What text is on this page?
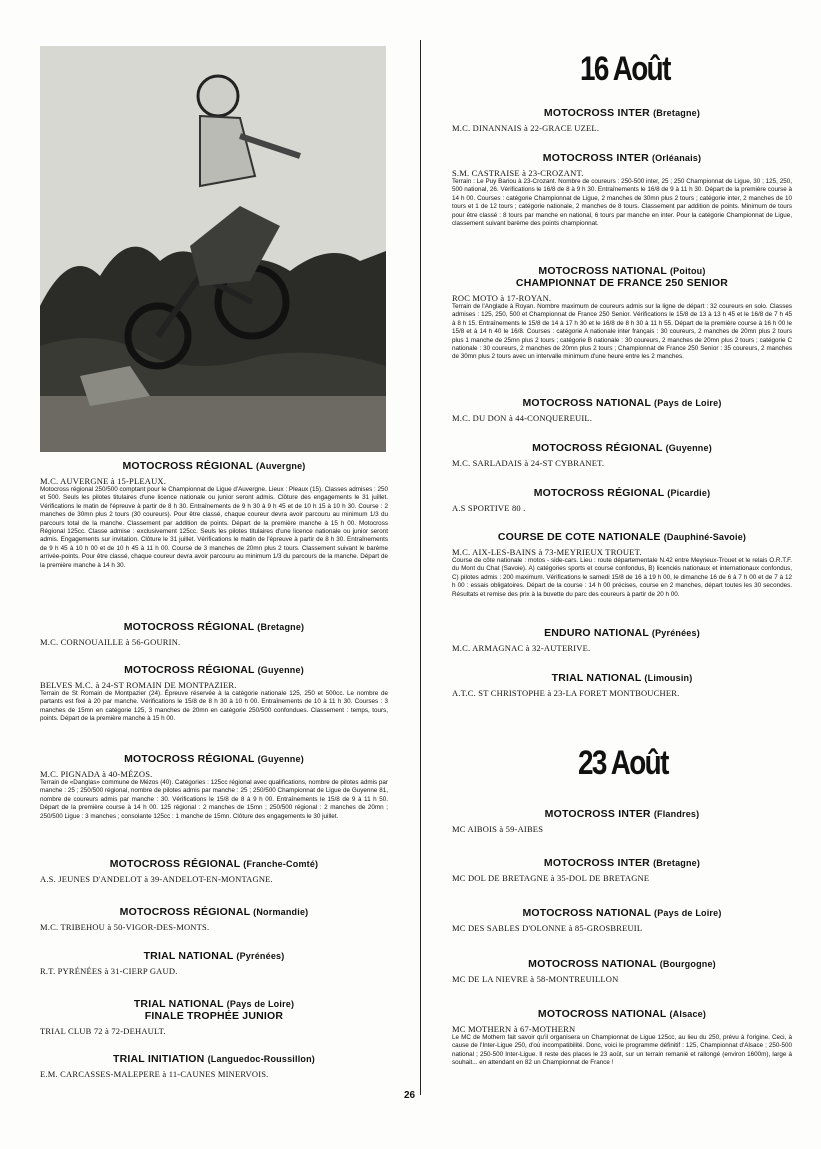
MOTOCROSS RÉGIONAL (Auvergne)
M.C. AUVERGNE à 15-PLEAUX.
Motocross régional 250/500 comptant pour le Championnat de Ligue d'Auvergne. Lieux : Pleaux (15). Classes admises : 250 et 500. Seuls les pilotes titulaires d'une licence nationale ou junior seront admis. Clôture des engagements le 31 juillet. Vérifications le matin de l'épreuve à partir de 8 h 30. Entraînements de 9 h 30 à 9 h 45 et de 10 h 15 à 10 h 30. Course : 2 manches de 30mn plus 2 tours (30 coureurs). Pour être classé, chaque coureur devra avoir parcouru au minimum 1/3 du parcours total de la manche. Classement par addition de points. Départ de la première manche à 15 h 00. Motocross Régional 125cc. Classe admise : exclusivement 125cc. Seuls les pilotes titulaires d'une licence nationale ou junior seront admis. Engagements sur invitation. Clôture le 31 juillet. Vérifications le matin de l'épreuve à partir de 8 h 30. Entraînements de 9 h 45 à 10 h 00 et de 10 h 45 à 11 h 00. Course de 3 manches de 20mn plus 2 tours. Classement suivant le barème arrivée-points. Pour être classé, chaque coureur devra avoir parcouru au minimum 1/3 du parcours de la manche. Départ de la première manche à 14 h 30.
MOTOCROSS RÉGIONAL (Bretagne)
M.C. CORNOUAILLE à 56-GOURIN.
MOTOCROSS RÉGIONAL (Guyenne)
BELVES M.C. à 24-ST ROMAIN DE MONTPAZIER.
Terrain de St Romain de Montpazier (24). Épreuve réservée à la catégorie nationale 125, 250 et 500cc. Le nombre de partants est fixé à 20 par manche. Vérifications le 15/8 de 8 h 30 à 10 h 00. Entraînements de 10 à 11 h 30. Courses : 3 manches de 15mn en catégorie 125, 3 manches de 20mn en catégorie 250/500 confondues. Classement : temps, tours, points. Départ de la première manche à 15 h 00.
MOTOCROSS RÉGIONAL (Guyenne)
M.C. PIGNADA à 40-MÉZOS.
Terrain de «Danglas» commune de Mézos (40). Catégories : 125cc régional avec qualifications, nombre de pilotes admis par manche : 25 ; 250/500 régional, nombre de pilotes admis par manche : 25 ; 250/500 Championnat de Ligue de Guyenne 81, nombre de coureurs admis par manche : 30. Vérifications le 15/8 de 8 à 9 h 00. Entraînements le 15/8 de 9 à 11 h 50. Départ de la première course à 14 h 00. 125 régional : 2 manches de 15mn ; 250/500 régional : 2 manches de 20mn ; 250/500 Ligue : 3 manches ; consolante 125cc : 1 manche de 15mn. Clôture des engagements le 30 juillet.
MOTOCROSS RÉGIONAL (Franche-Comté)
A.S. JEUNES D'ANDELOT à 39-ANDELOT-EN-MONTAGNE.
MOTOCROSS RÉGIONAL (Normandie)
M.C. TRIBEHOU à 50-VIGOR-DES-MONTS.
TRIAL NATIONAL (Pyrénées)
R.T. PYRÉNÉES à 31-CIERP GAUD.
TRIAL NATIONAL (Pays de Loire)
FINALE TROPHÉE JUNIOR
TRIAL CLUB 72 à 72-DEHAULT.
TRIAL INITIATION (Languedoc-Roussillon)
E.M. CARCASSES-MALEPERE à 11-CAUNES MINERVOIS.
16 Août
MOTOCROSS INTER (Bretagne)
M.C. DINANNAIS à 22-GRACE UZEL.
MOTOCROSS INTER (Orléanais)
S.M. CASTRAISE à 23-CROZANT.
Terrain : Le Puy Bariou à 23-Crozant. Nombre de coureurs : 250-500 inter, 25 ; 250 Championnat de Ligue, 30 ; 125, 250, 500 national, 26. Vérifications le 16/8 de 8 à 9 h 30. Entraînements le 16/8 de 9 à 11 h 30. Départ de la première course à 14 h 00. Courses : catégorie Championnat de Ligue, 2 manches de 30mn plus 2 tours ; catégorie inter, 2 manches de 10 tours et 1 de 12 tours ; catégorie nationale, 2 manches de 8 tours. Classement par addition de points. Minimum de tours pour être classé : 8 tours par manche en national, 6 tours par manche en inter. Pour la catégorie Championnat de Ligue, classement suivant barème des points championnat.
MOTOCROSS NATIONAL (Poitou)
CHAMPIONNAT DE FRANCE 250 SENIOR
ROC MOTO à 17-ROYAN.
Terrain de l'Anglade à Royan. Nombre maximum de coureurs admis sur la ligne de départ : 32 coureurs en solo. Classes admises : 125, 250, 500 et Championnat de France 250 Senior. Vérifications le 15/8 de 13 à 13 h 45 et le 16/8 de 7 h 45 à 8 h 15. Entraînements le 15/8 de 14 à 17 h 30 et le 16/8 de 8 h 30 à 11 h 55. Départ de la première course à 16 h 00 le 15/8 et à 14 h 40 le 16/8. Courses : catégorie A nationale inter français : 30 coureurs, 2 manches de 20mn plus 2 tours plus 1 manche de 25mn plus 2 tours ; catégorie B nationale : 30 coureurs, 2 manches de 20mn plus 2 tours ; catégorie C nationale : 30 coureurs, 2 manches de 20mn plus 2 tours ; Championnat de France 250 Senior : 35 coureurs, 2 manches de 30mn plus 2 tours avec un intervalle minimum d'une heure entre les 2 manches.
MOTOCROSS NATIONAL (Pays de Loire)
M.C. DU DON à 44-CONQUEREUIL.
MOTOCROSS RÉGIONAL (Guyenne)
M.C. SARLADAIS à 24-ST CYBRANET.
MOTOCROSS RÉGIONAL (Picardie)
A.S SPORTIVE 80 .
COURSE DE COTE NATIONALE (Dauphiné-Savoie)
M.C. AIX-LES-BAINS à 73-MEYRIEUX TROUET.
Course de côte nationale : motos - side-cars. Lieu : route départementale N.42 entre Meyrieux-Trouet et le relais O.R.T.F. du Mont du Chat (Savoie). A) catégories sports et course confondus, B) licenciés nationaux et internationaux confondus, C) pilotes admis : 200 maximum. Vérifications le samedi 15/8 de 16 à 19 h 00, le dimanche 16 de 6 à 7 h 00 et de 7 à 12 h 00 : essais obligatoires. Départ de la course : 14 h 00 précises, course en 2 manches, départ toutes les 30 secondes. Résultats et remise des prix à la buvette du parc des coureurs à partir de 20 h 00.
ENDURO NATIONAL (Pyrénées)
M.C. ARMAGNAC à 32-AUTERIVE.
TRIAL NATIONAL (Limousin)
A.T.C. ST CHRISTOPHE à 23-LA FORET MONTBOUCHER.
23 Août
MOTOCROSS INTER (Flandres)
MC AIBOIS à 59-AIBES
MOTOCROSS INTER (Bretagne)
MC DOL DE BRETAGNE à 35-DOL DE BRETAGNE
MOTOCROSS NATIONAL (Pays de Loire)
MC DES SABLES D'OLONNE à 85-GROSBREUIL
MOTOCROSS NATIONAL (Bourgogne)
MC DE LA NIEVRE à 58-MONTREUILLON
MOTOCROSS NATIONAL (Alsace)
MC MOTHERN à 67-MOTHERN
Le MC de Mothern fait savoir qu'il organisera un Championnat de Ligue 125cc, au lieu du 250, prévu à l'origine. Ceci, à cause de l'Inter-Ligue 250, d'où incompatibilité. Donc, voici le programme définitif : 125, Championnat d'Alsace ; 250-500 national ; 250-500 Inter-Ligue. Il reste des places le 23 août, sur un terrain remanié et rallongé (environ 1600m), large à souhait... en attendant en 82 un Championnat de France !
26
